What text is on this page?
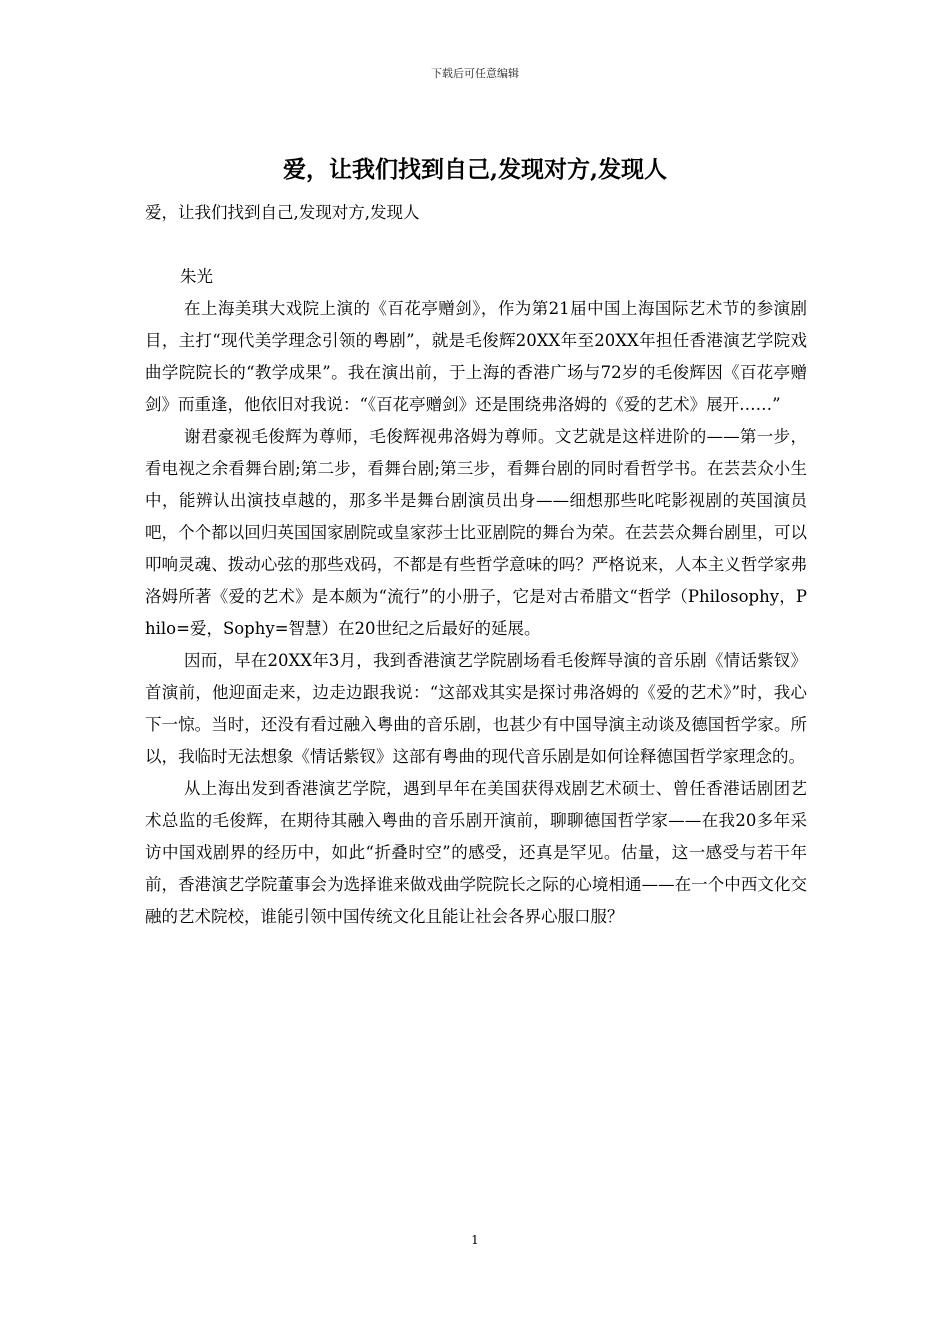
下载后可任意编辑
爱，让我们找到自己,发现对方,发现人

爱，让我们找到自己,发现对方,发现人

朱光

在上海美琪大戏院上演的《百花亭赠剑》，作为第21届中国上海国际艺术节的参演剧目，主打“现代美学理念引领的粤剧”，就是毛俊辉20XX年至20XX年担任香港演艺学院戏曲学院院长的“教学成果”。我在演出前，于上海的香港广场与72岁的毛俊辉因《百花亭赠剑》而重逢，他依旧对我说：“《百花亭赠剑》还是围绕弗洛姆的《爱的艺术》展开……”

谢君豪视毛俊辉为尊师，毛俊辉视弗洛姆为尊师。文艺就是这样进阶的——第一步，看电视之余看舞台剧;第二步，看舞台剧;第三步，看舞台剧的同时看哲学书。在芸芸众小生中，能辨认出演技卓越的，那多半是舞台剧演员出身——细想那些叱咤影视剧的英国演员吧，个个都以回归英国国家剧院或皇家莎士比亚剧院的舞台为荣。在芸芸众舞台剧里，可以叩响灵魂、拨动心弦的那些戏码，不都是有些哲学意味的吗？严格说来，人本主义哲学家弗洛姆所著《爱的艺术》是本颇为“流行”的小册子，它是对古希腊文“哲学（Philosophy，Philo=爱，Sophy=智慧）在20世纪之后最好的延展。

因而，早在20XX年3月，我到香港演艺学院剧场看毛俊辉导演的音乐剧《情话紫钗》首演前，他迎面走来，边走边跟我说：“这部戏其实是探讨弗洛姆的《爱的艺术》”时，我心下一惊。当时，还没有看过融入粤曲的音乐剧，也甚少有中国导演主动谈及德国哲学家。所以，我临时无法想象《情话紫钗》这部有粤曲的现代音乐剧是如何诠释德国哲学家理念的。

从上海出发到香港演艺学院，遇到早年在美国获得戏剧艺术硕士、曾任香港话剧团艺术总监的毛俊辉，在期待其融入粤曲的音乐剧开演前，聊聊德国哲学家——在我20多年采访中国戏剧界的经历中，如此“折叠时空”的感受，还真是罕见。估量，这一感受与若干年前，香港演艺学院董事会为选择谁来做戏曲学院院长之际的心境相通——在一个中西文化交融的艺术院校，谁能引领中国传统文化且能让社会各界心服口服？

1
